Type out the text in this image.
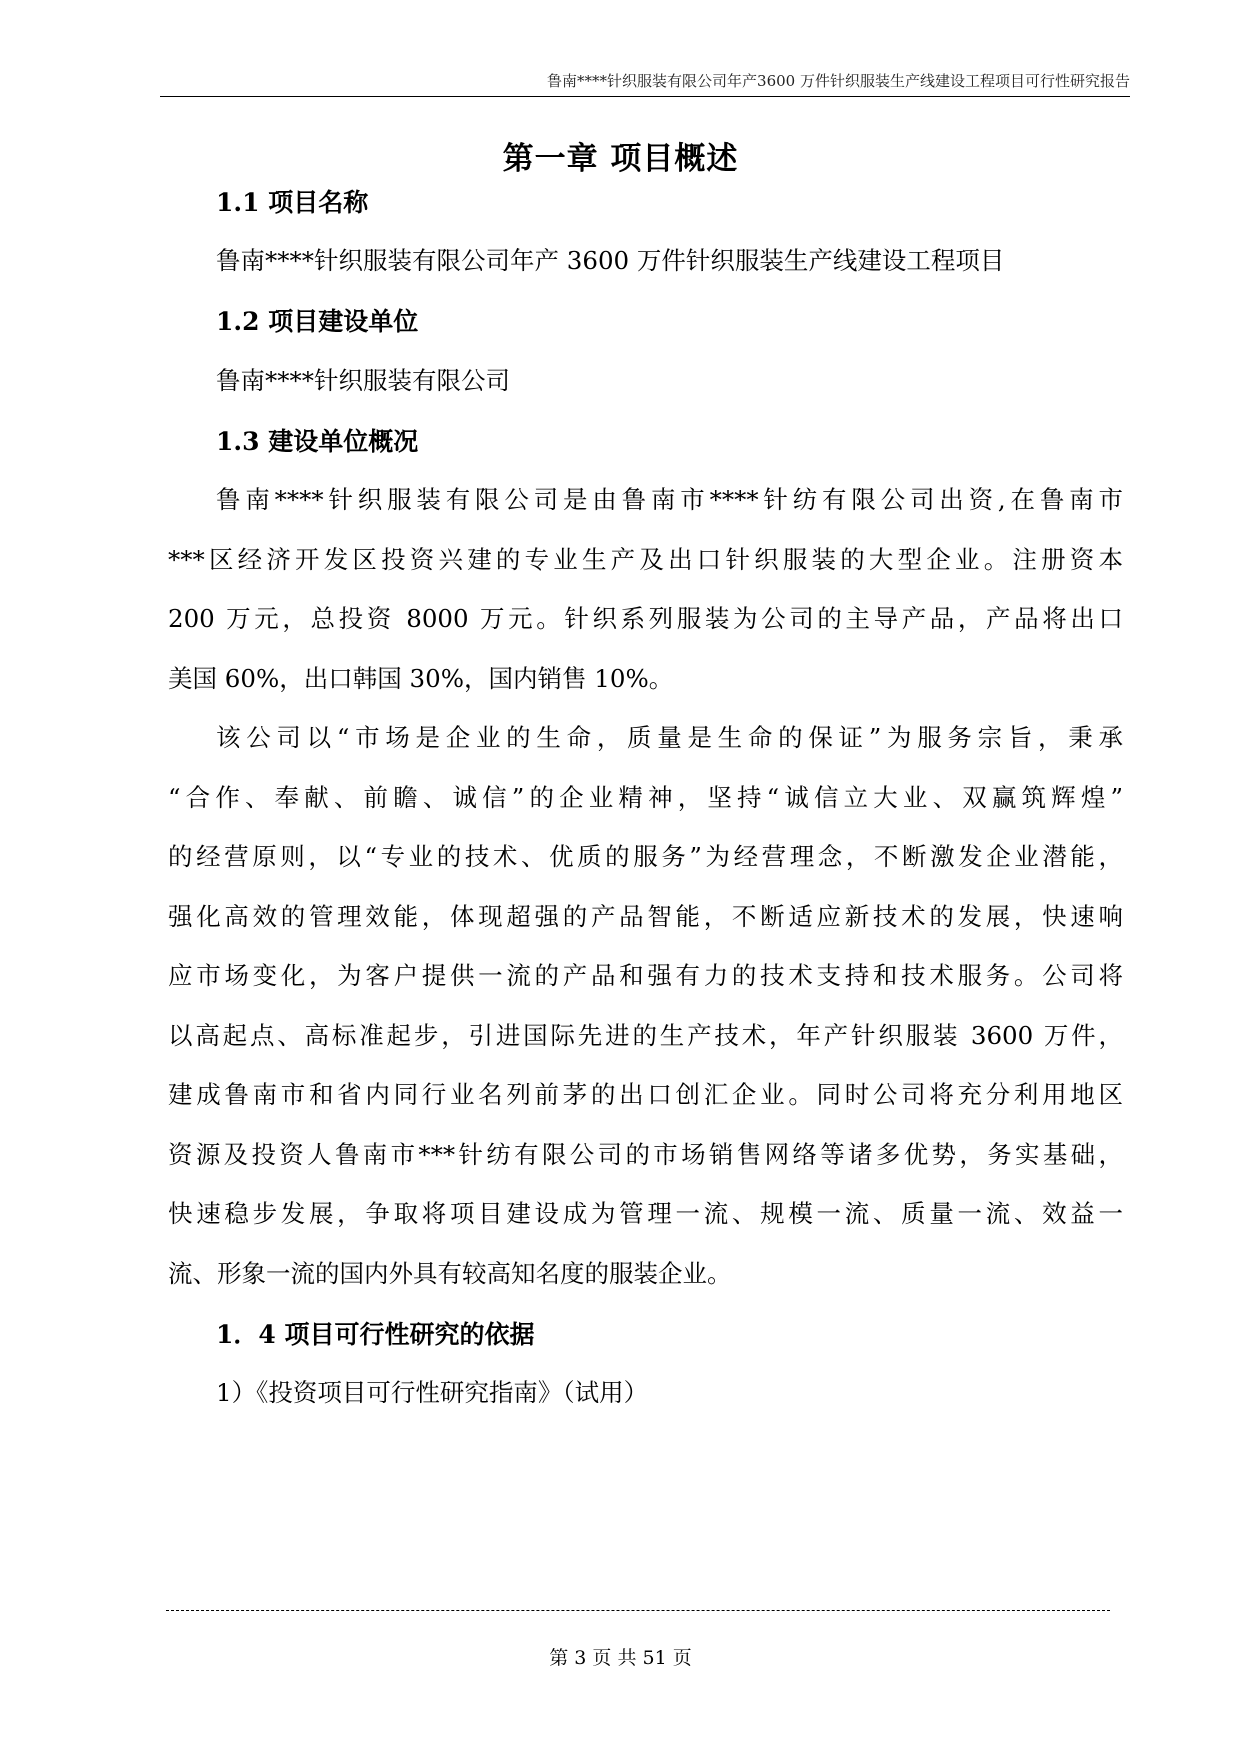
鲁南****针织服装有限公司年产3600 万件针织服装生产线建设工程项目可行性研究报告
第一章 项目概述
1.1 项目名称
鲁南****针织服装有限公司年产 3600 万件针织服装生产线建设工程项目
1.2 项目建设单位
鲁南****针织服装有限公司
1.3 建设单位概况
鲁南****针织服装有限公司是由鲁南市****针纺有限公司出资,在鲁南市
***区经济开发区投资兴建的专业生产及出口针织服装的大型企业。注册资本
200 万元，总投资 8000 万元。针织系列服装为公司的主导产品，产品将出口
美国 60%，出口韩国 30%，国内销售 10%。
该公司以“市场是企业的生命，质量是生命的保证”为服务宗旨，秉承
“合作、奉献、前瞻、诚信”的企业精神，坚持“诚信立大业、双赢筑辉煌”
的经营原则，以“专业的技术、优质的服务”为经营理念，不断激发企业潜能，
强化高效的管理效能，体现超强的产品智能，不断适应新技术的发展，快速响
应市场变化，为客户提供一流的产品和强有力的技术支持和技术服务。公司将
以高起点、高标准起步，引进国际先进的生产技术，年产针织服装 3600 万件，
建成鲁南市和省内同行业名列前茅的出口创汇企业。同时公司将充分利用地区
资源及投资人鲁南市***针纺有限公司的市场销售网络等诸多优势，务实基础，
快速稳步发展，争取将项目建设成为管理一流、规模一流、质量一流、效益一
流、形象一流的国内外具有较高知名度的服装企业。
1．4 项目可行性研究的依据
1）《投资项目可行性研究指南》（试用）
第 3 页 共 51 页
